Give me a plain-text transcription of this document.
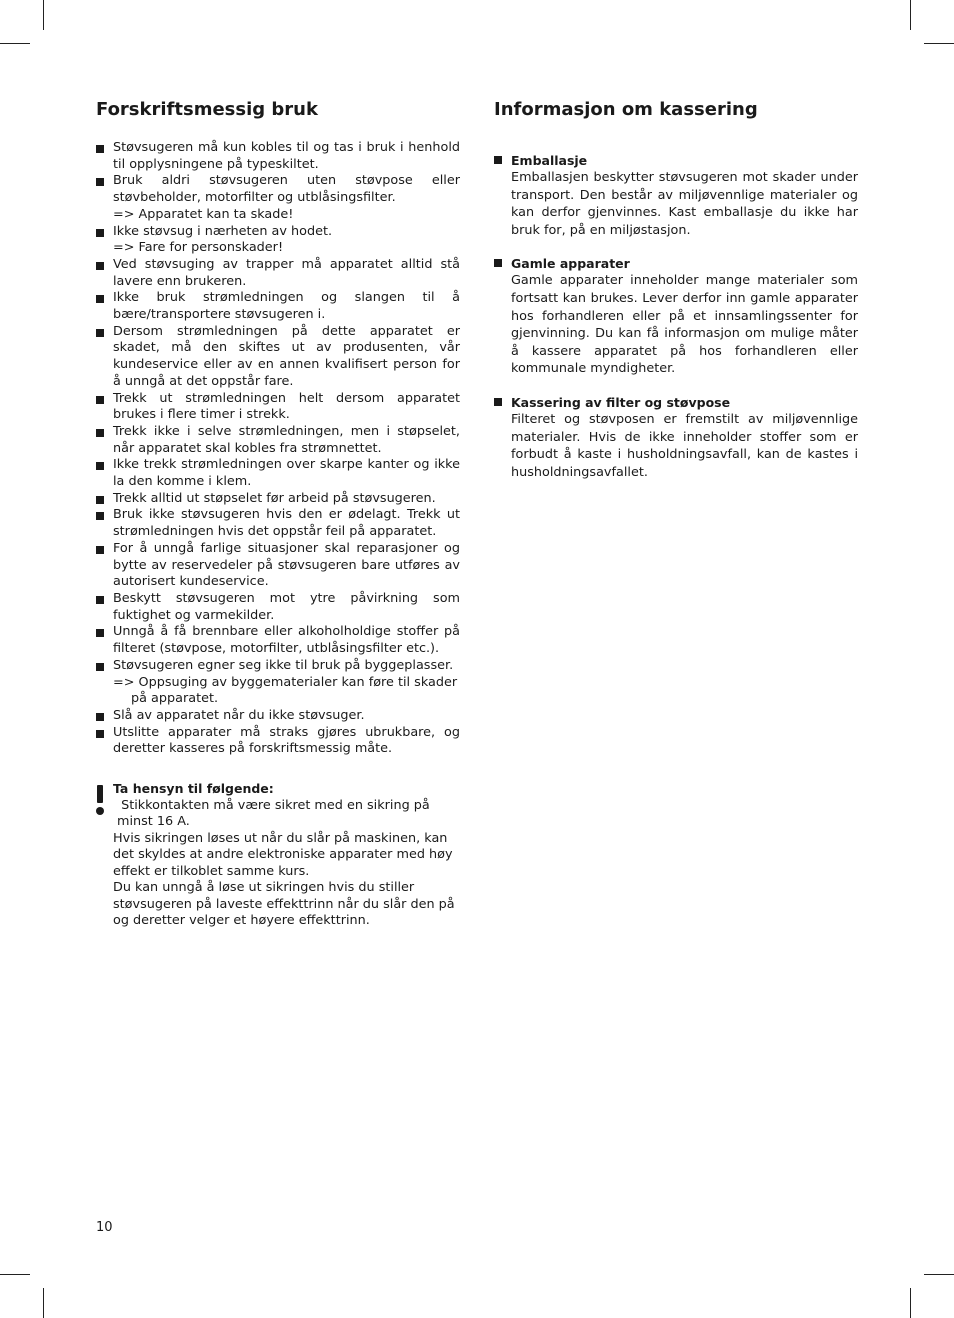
Forskriftsmessig bruk
Støvsugeren må kun kobles til og tas i bruk i henhold til opplysningene på typeskiltet.
Bruk aldri støvsugeren uten støvpose eller støvbeholder, motorfilter og utblåsingsfilter.
=> Apparatet kan ta skade!
Ikke støvsug i nærheten av hodet.
=> Fare for personskader!
Ved støvsuging av trapper må apparatet alltid stå lavere enn brukeren.
Ikke bruk strømledningen og slangen til å bære/transportere støvsugeren i.
Dersom strømledningen på dette apparatet er skadet, må den skiftes ut av produsenten, vår kundeservice eller av en annen kvalifisert person for å unngå at det oppstår fare.
Trekk ut strømledningen helt dersom apparatet brukes i flere timer i strekk.
Trekk ikke i selve strømledningen, men i støpselet, når apparatet skal kobles fra strømnettet.
Ikke trekk strømledningen over skarpe kanter og ikke la den komme i klem.
Trekk alltid ut støpselet før arbeid på støvsugeren.
Bruk ikke støvsugeren hvis den er ødelagt. Trekk ut strømledningen hvis det oppstår feil på apparatet.
For å unngå farlige situasjoner skal reparasjoner og bytte av reservedeler på støvsugeren bare utføres av autorisert kundeservice.
Beskytt støvsugeren mot ytre påvirkning som fuktighet og varmekilder.
Unngå å få brennbare eller alkoholholdige stoffer på filteret (støvpose, motorfilter, utblåsingsfilter etc.).
Støvsugeren egner seg ikke til bruk på byggeplasser.
=> Oppsuging av byggematerialer kan føre til skader
på apparatet.
Slå av apparatet når du ikke støvsuger.
Utslitte apparater må straks gjøres ubrukbare, og deretter kasseres på forskriftsmessig måte.
Ta hensyn til følgende:

Stikkontakten må være sikret med en sikring på minst 16 A.

Hvis sikringen løses ut når du slår på maskinen, kan det skyldes at andre elektroniske apparater med høy effekt er tilkoblet samme kurs.

Du kan unngå å løse ut sikringen hvis du stiller støvsugeren på laveste effekttrinn når du slår den på og deretter velger et høyere effekttrinn.

Informasjon om kassering
Emballasje
Emballasjen beskytter støvsugeren mot skader under transport. Den består av miljøvennlige materialer og kan derfor gjenvinnes. Kast emballasje du ikke har bruk for, på en miljøstasjon.
Gamle apparater
Gamle apparater inneholder mange materialer som fortsatt kan brukes. Lever derfor inn gamle apparater hos forhandleren eller på et innsamlingssenter for gjenvinning. Du kan få informasjon om mulige måter å kassere apparatet på hos forhandleren eller kommunale myndigheter.
Kassering av filter og støvpose
Filteret og støvposen er fremstilt av miljøvennlige materialer. Hvis de ikke inneholder stoffer som er forbudt å kaste i husholdningsavfall, kan de kastes i husholdningsavfallet.
10
